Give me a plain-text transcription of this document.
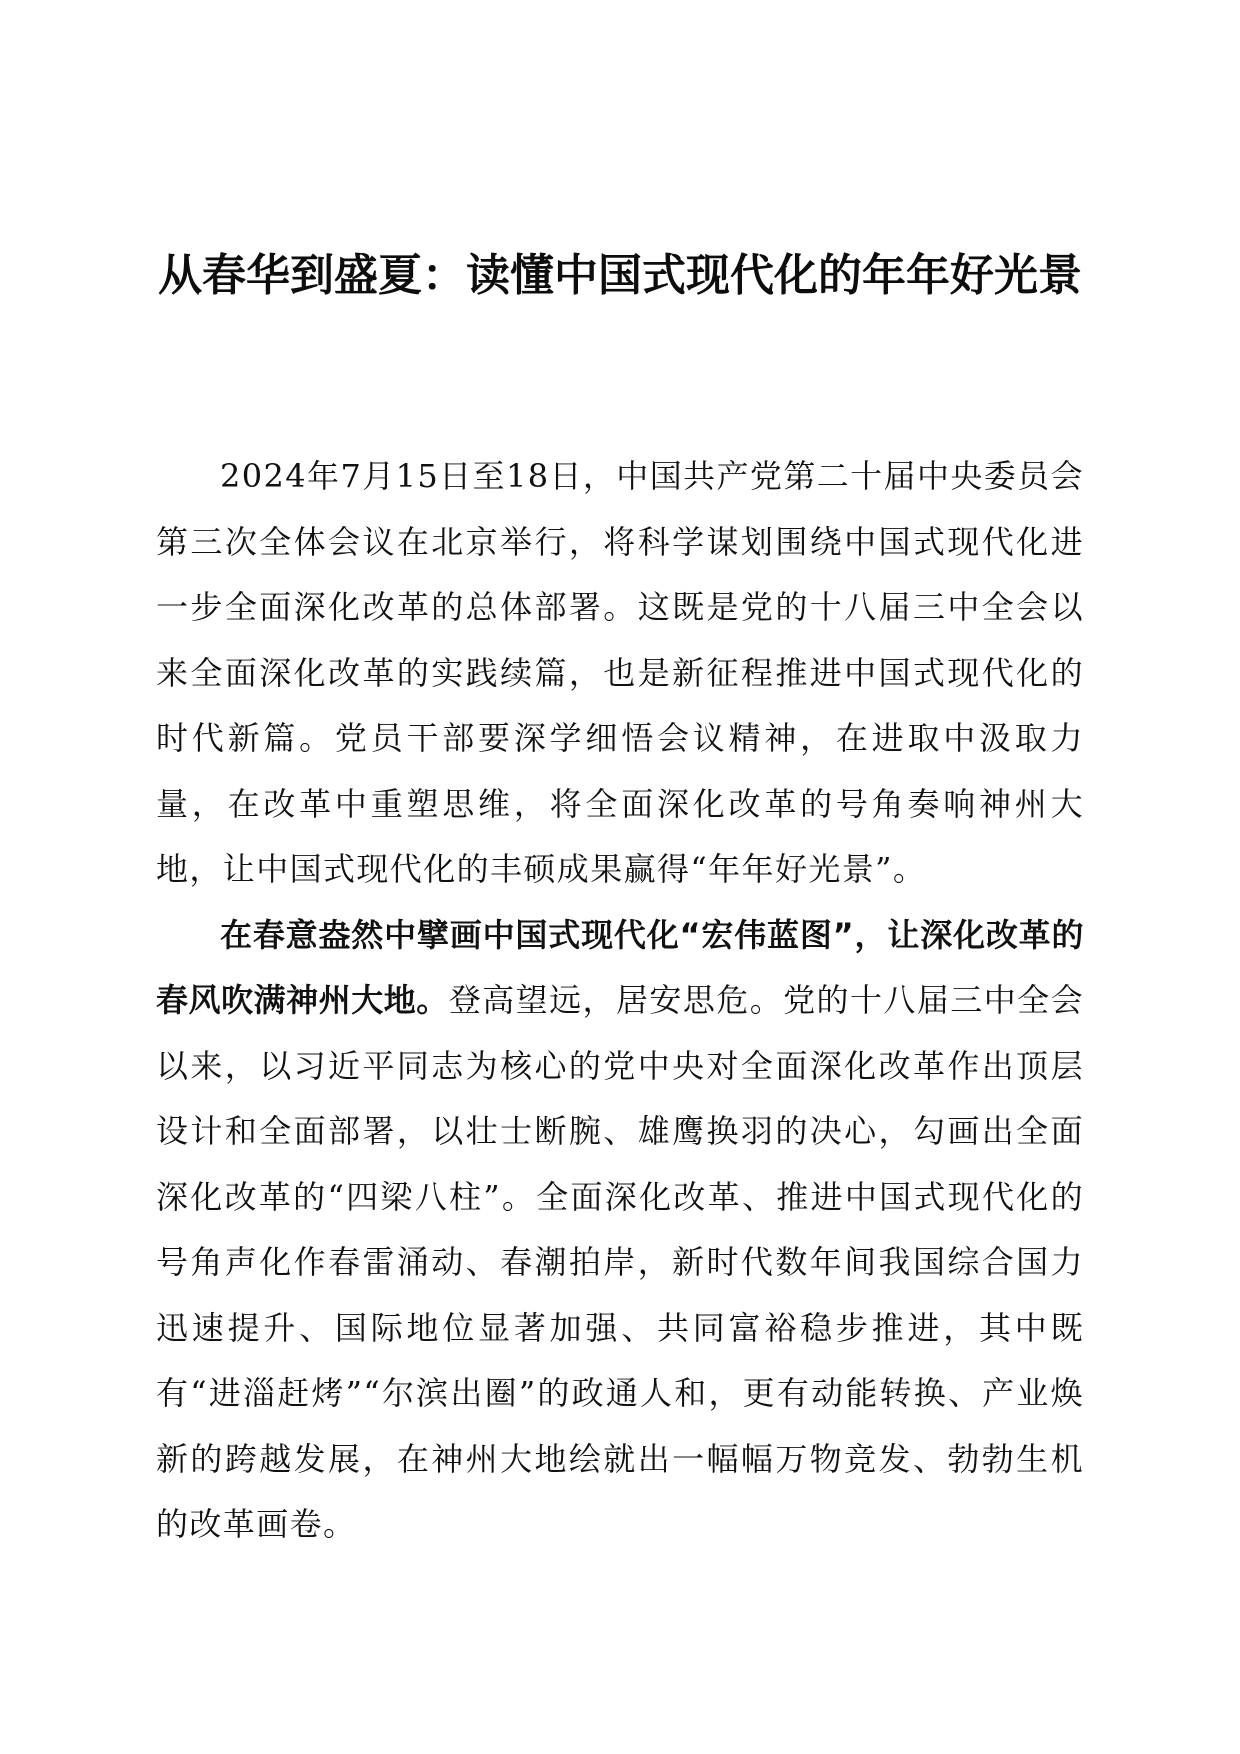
从春华到盛夏：读懂中国式现代化的年年好光景

2024年7月15日至18日，中国共产党第二十届中央委员会第三次全体会议在北京举行，将科学谋划围绕中国式现代化进一步全面深化改革的总体部署。这既是党的十八届三中全会以来全面深化改革的实践续篇，也是新征程推进中国式现代化的时代新篇。党员干部要深学细悟会议精神，在进取中汲取力量，在改革中重塑思维，将全面深化改革的号角奏响神州大地，让中国式现代化的丰硕成果赢得“年年好光景”。

在春意盎然中擘画中国式现代化“宏伟蓝图”，让深化改革的春风吹满神州大地。登高望远，居安思危。党的十八届三中全会以来，以习近平同志为核心的党中央对全面深化改革作出顶层设计和全面部署，以壮士断腕、雄鹰换羽的决心，勾画出全面深化改革的“四梁八柱”。全面深化改革、推进中国式现代化的号角声化作春雷涌动、春潮拍岸，新时代数年间我国综合国力迅速提升、国际地位显著加强、共同富裕稳步推进，其中既有“进淄赶烤”“尔滨出圈”的政通人和，更有动能转换、产业焕新的跨越发展，在神州大地绘就出一幅幅万物竞发、勃勃生机的改革画卷。
